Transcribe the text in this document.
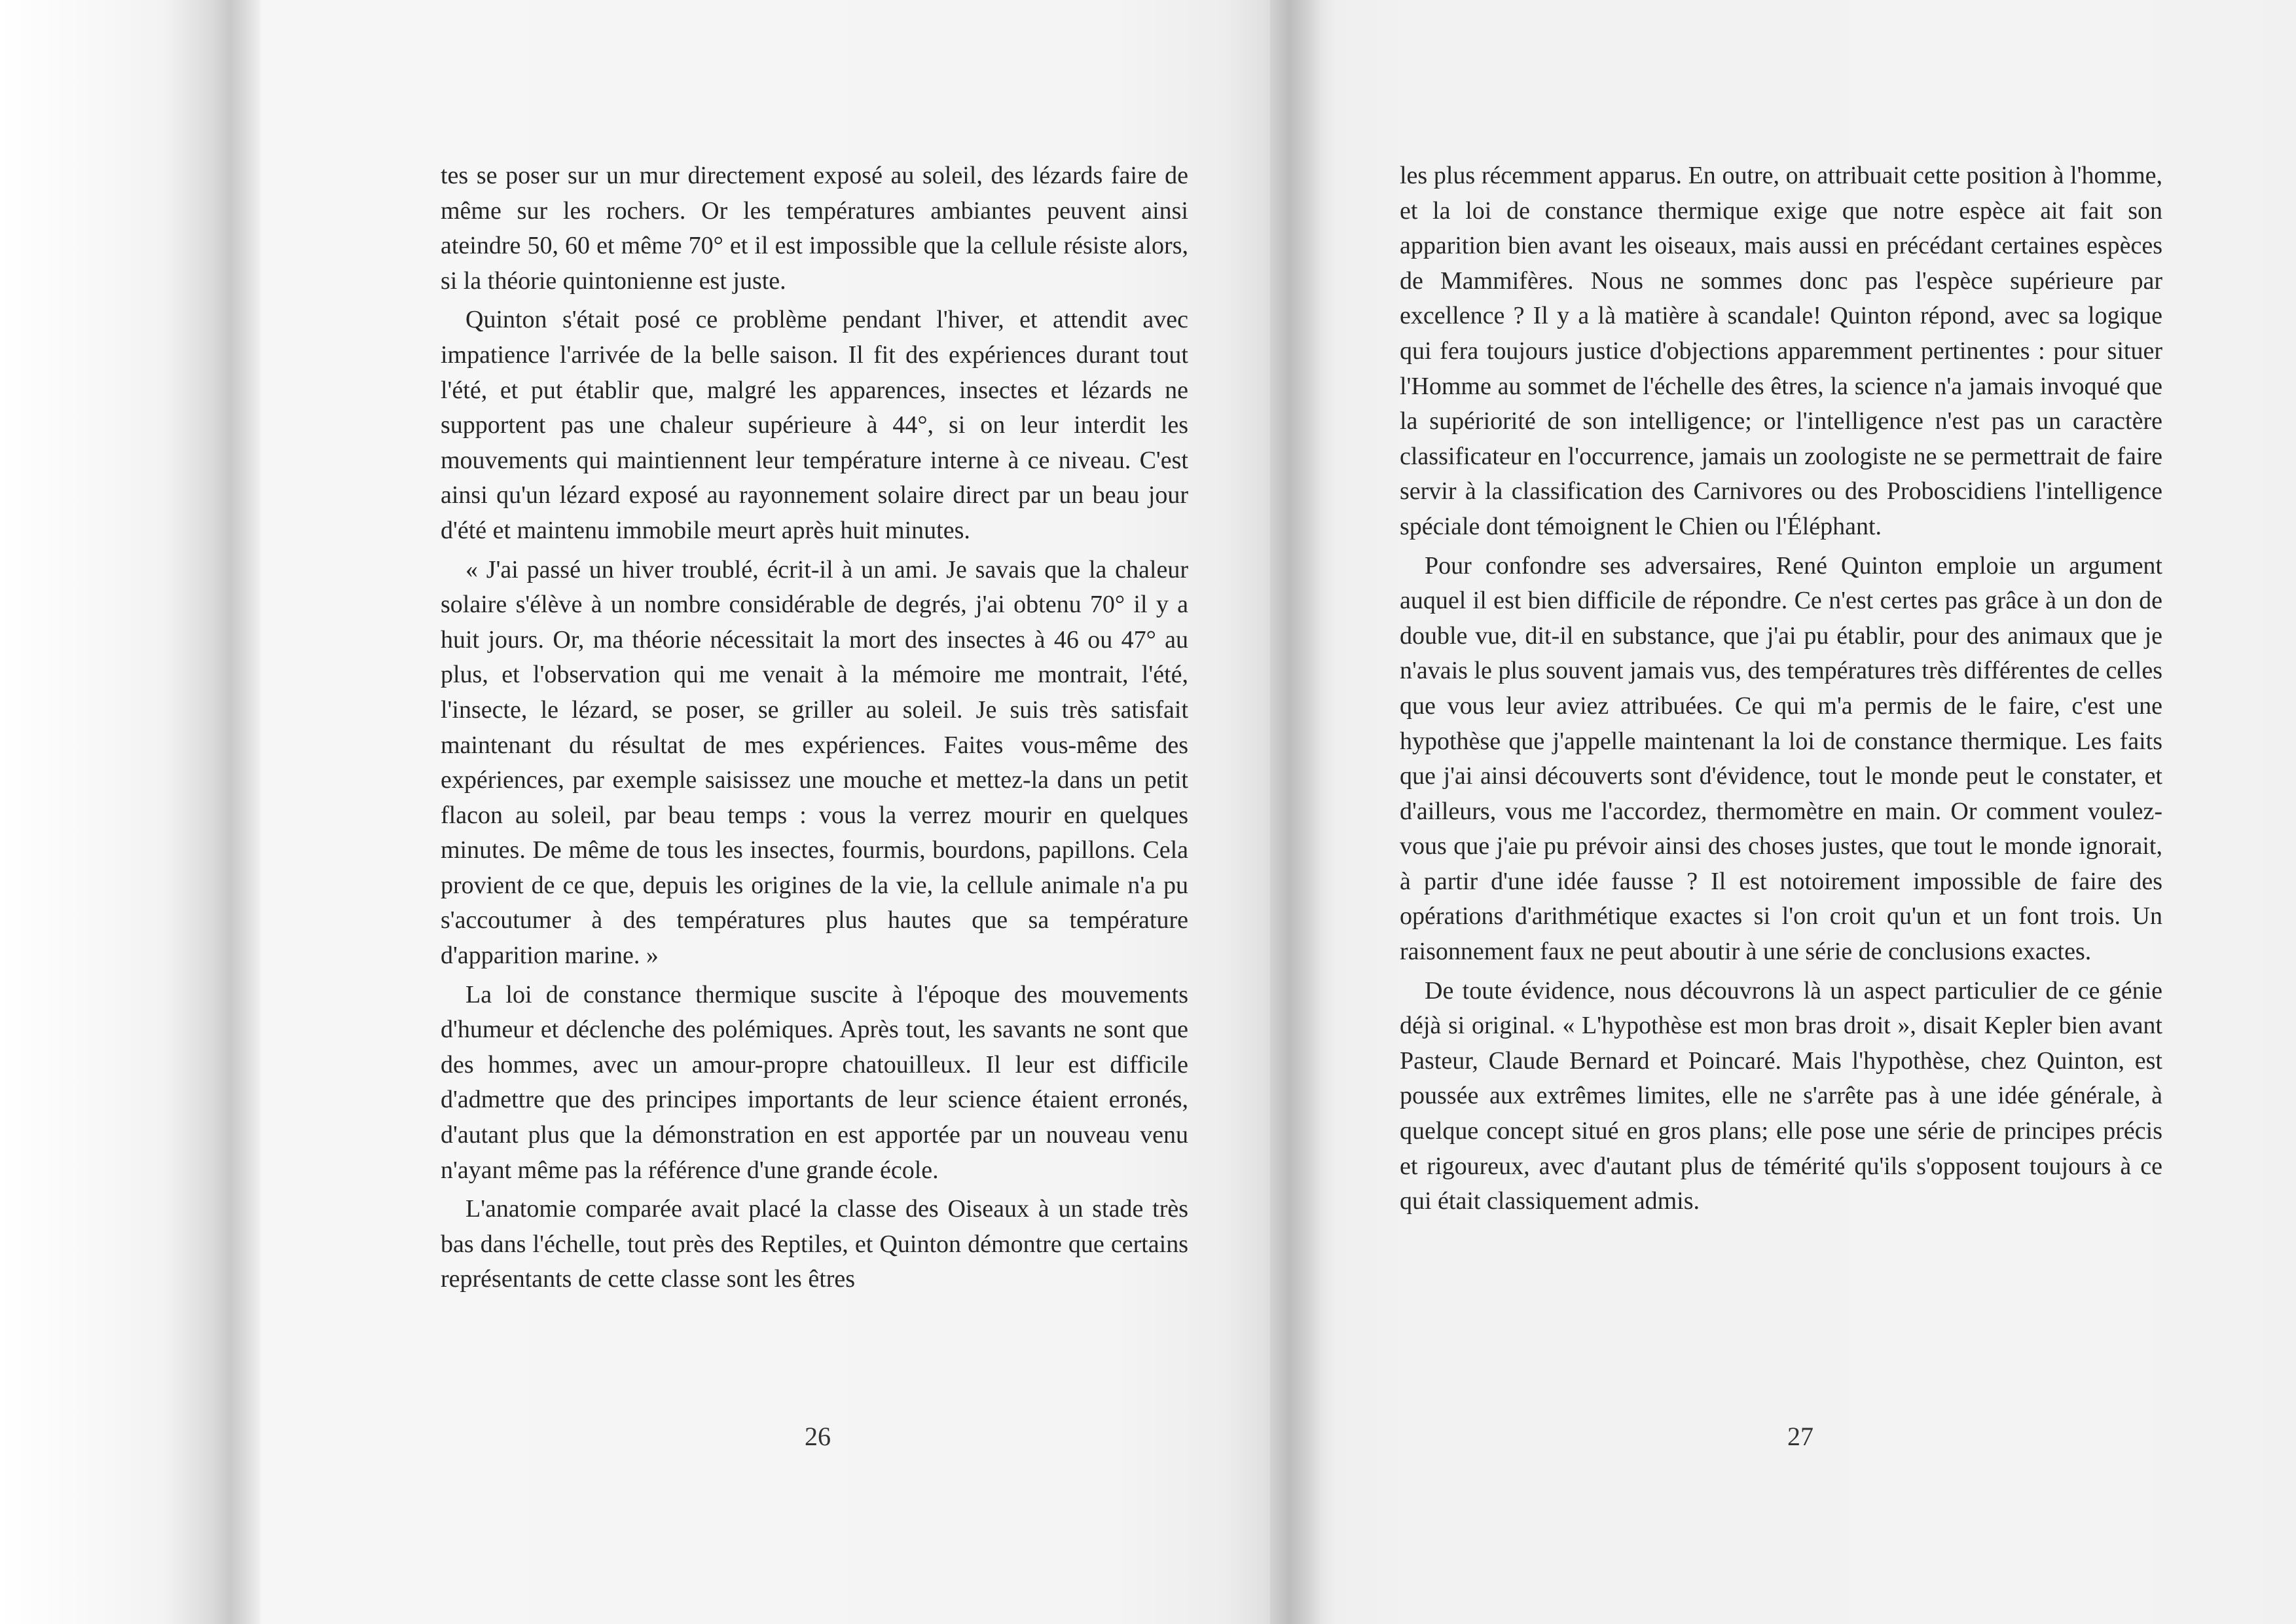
tes se poser sur un mur directement exposé au soleil, des lézards faire de même sur les rochers. Or les températures ambiantes peuvent ainsi ateindre 50, 60 et même 70° et il est impossible que la cellule résiste alors, si la théorie quintonienne est juste.

Quinton s'était posé ce problème pendant l'hiver, et attendit avec impatience l'arrivée de la belle saison. Il fit des expériences durant tout l'été, et put établir que, malgré les apparences, insectes et lézards ne supportent pas une chaleur supérieure à 44°, si on leur interdit les mouvements qui maintiennent leur température interne à ce niveau. C'est ainsi qu'un lézard exposé au rayonnement solaire direct par un beau jour d'été et maintenu immobile meurt après huit minutes.

« J'ai passé un hiver troublé, écrit-il à un ami. Je savais que la chaleur solaire s'élève à un nombre considérable de degrés, j'ai obtenu 70° il y a huit jours. Or, ma théorie nécessitait la mort des insectes à 46 ou 47° au plus, et l'observation qui me venait à la mémoire me montrait, l'été, l'insecte, le lézard, se poser, se griller au soleil. Je suis très satisfait maintenant du résultat de mes expériences. Faites vous-même des expériences, par exemple saisissez une mouche et mettez-la dans un petit flacon au soleil, par beau temps : vous la verrez mourir en quelques minutes. De même de tous les insectes, fourmis, bourdons, papillons. Cela provient de ce que, depuis les origines de la vie, la cellule animale n'a pu s'accoutumer à des températures plus hautes que sa température d'apparition marine. »

La loi de constance thermique suscite à l'époque des mouvements d'humeur et déclenche des polémiques. Après tout, les savants ne sont que des hommes, avec un amour-propre chatouilleux. Il leur est difficile d'admettre que des principes importants de leur science étaient erronés, d'autant plus que la démonstration en est apportée par un nouveau venu n'ayant même pas la référence d'une grande école.

L'anatomie comparée avait placé la classe des Oiseaux à un stade très bas dans l'échelle, tout près des Reptiles, et Quinton démontre que certains représentants de cette classe sont les êtres

26

les plus récemment apparus. En outre, on attribuait cette position à l'homme, et la loi de constance thermique exige que notre espèce ait fait son apparition bien avant les oiseaux, mais aussi en précédant certaines espèces de Mammifères. Nous ne sommes donc pas l'espèce supérieure par excellence ? Il y a là matière à scandale! Quinton répond, avec sa logique qui fera toujours justice d'objections apparemment pertinentes : pour situer l'Homme au sommet de l'échelle des êtres, la science n'a jamais invoqué que la supériorité de son intelligence; or l'intelligence n'est pas un caractère classificateur en l'occurrence, jamais un zoologiste ne se permettrait de faire servir à la classification des Carnivores ou des Proboscidiens l'intelligence spéciale dont témoignent le Chien ou l'Éléphant.

Pour confondre ses adversaires, René Quinton emploie un argument auquel il est bien difficile de répondre. Ce n'est certes pas grâce à un don de double vue, dit-il en substance, que j'ai pu établir, pour des animaux que je n'avais le plus souvent jamais vus, des températures très différentes de celles que vous leur aviez attribuées. Ce qui m'a permis de le faire, c'est une hypothèse que j'appelle maintenant la loi de constance thermique. Les faits que j'ai ainsi découverts sont d'évidence, tout le monde peut le constater, et d'ailleurs, vous me l'accordez, thermomètre en main. Or comment voulez-vous que j'aie pu prévoir ainsi des choses justes, que tout le monde ignorait, à partir d'une idée fausse ? Il est notoirement impossible de faire des opérations d'arithmétique exactes si l'on croit qu'un et un font trois. Un raisonnement faux ne peut aboutir à une série de conclusions exactes.

De toute évidence, nous découvrons là un aspect particulier de ce génie déjà si original. « L'hypothèse est mon bras droit », disait Kepler bien avant Pasteur, Claude Bernard et Poincaré. Mais l'hypothèse, chez Quinton, est poussée aux extrêmes limites, elle ne s'arrête pas à une idée générale, à quelque concept situé en gros plans; elle pose une série de principes précis et rigoureux, avec d'autant plus de témérité qu'ils s'opposent toujours à ce qui était classiquement admis.

27
